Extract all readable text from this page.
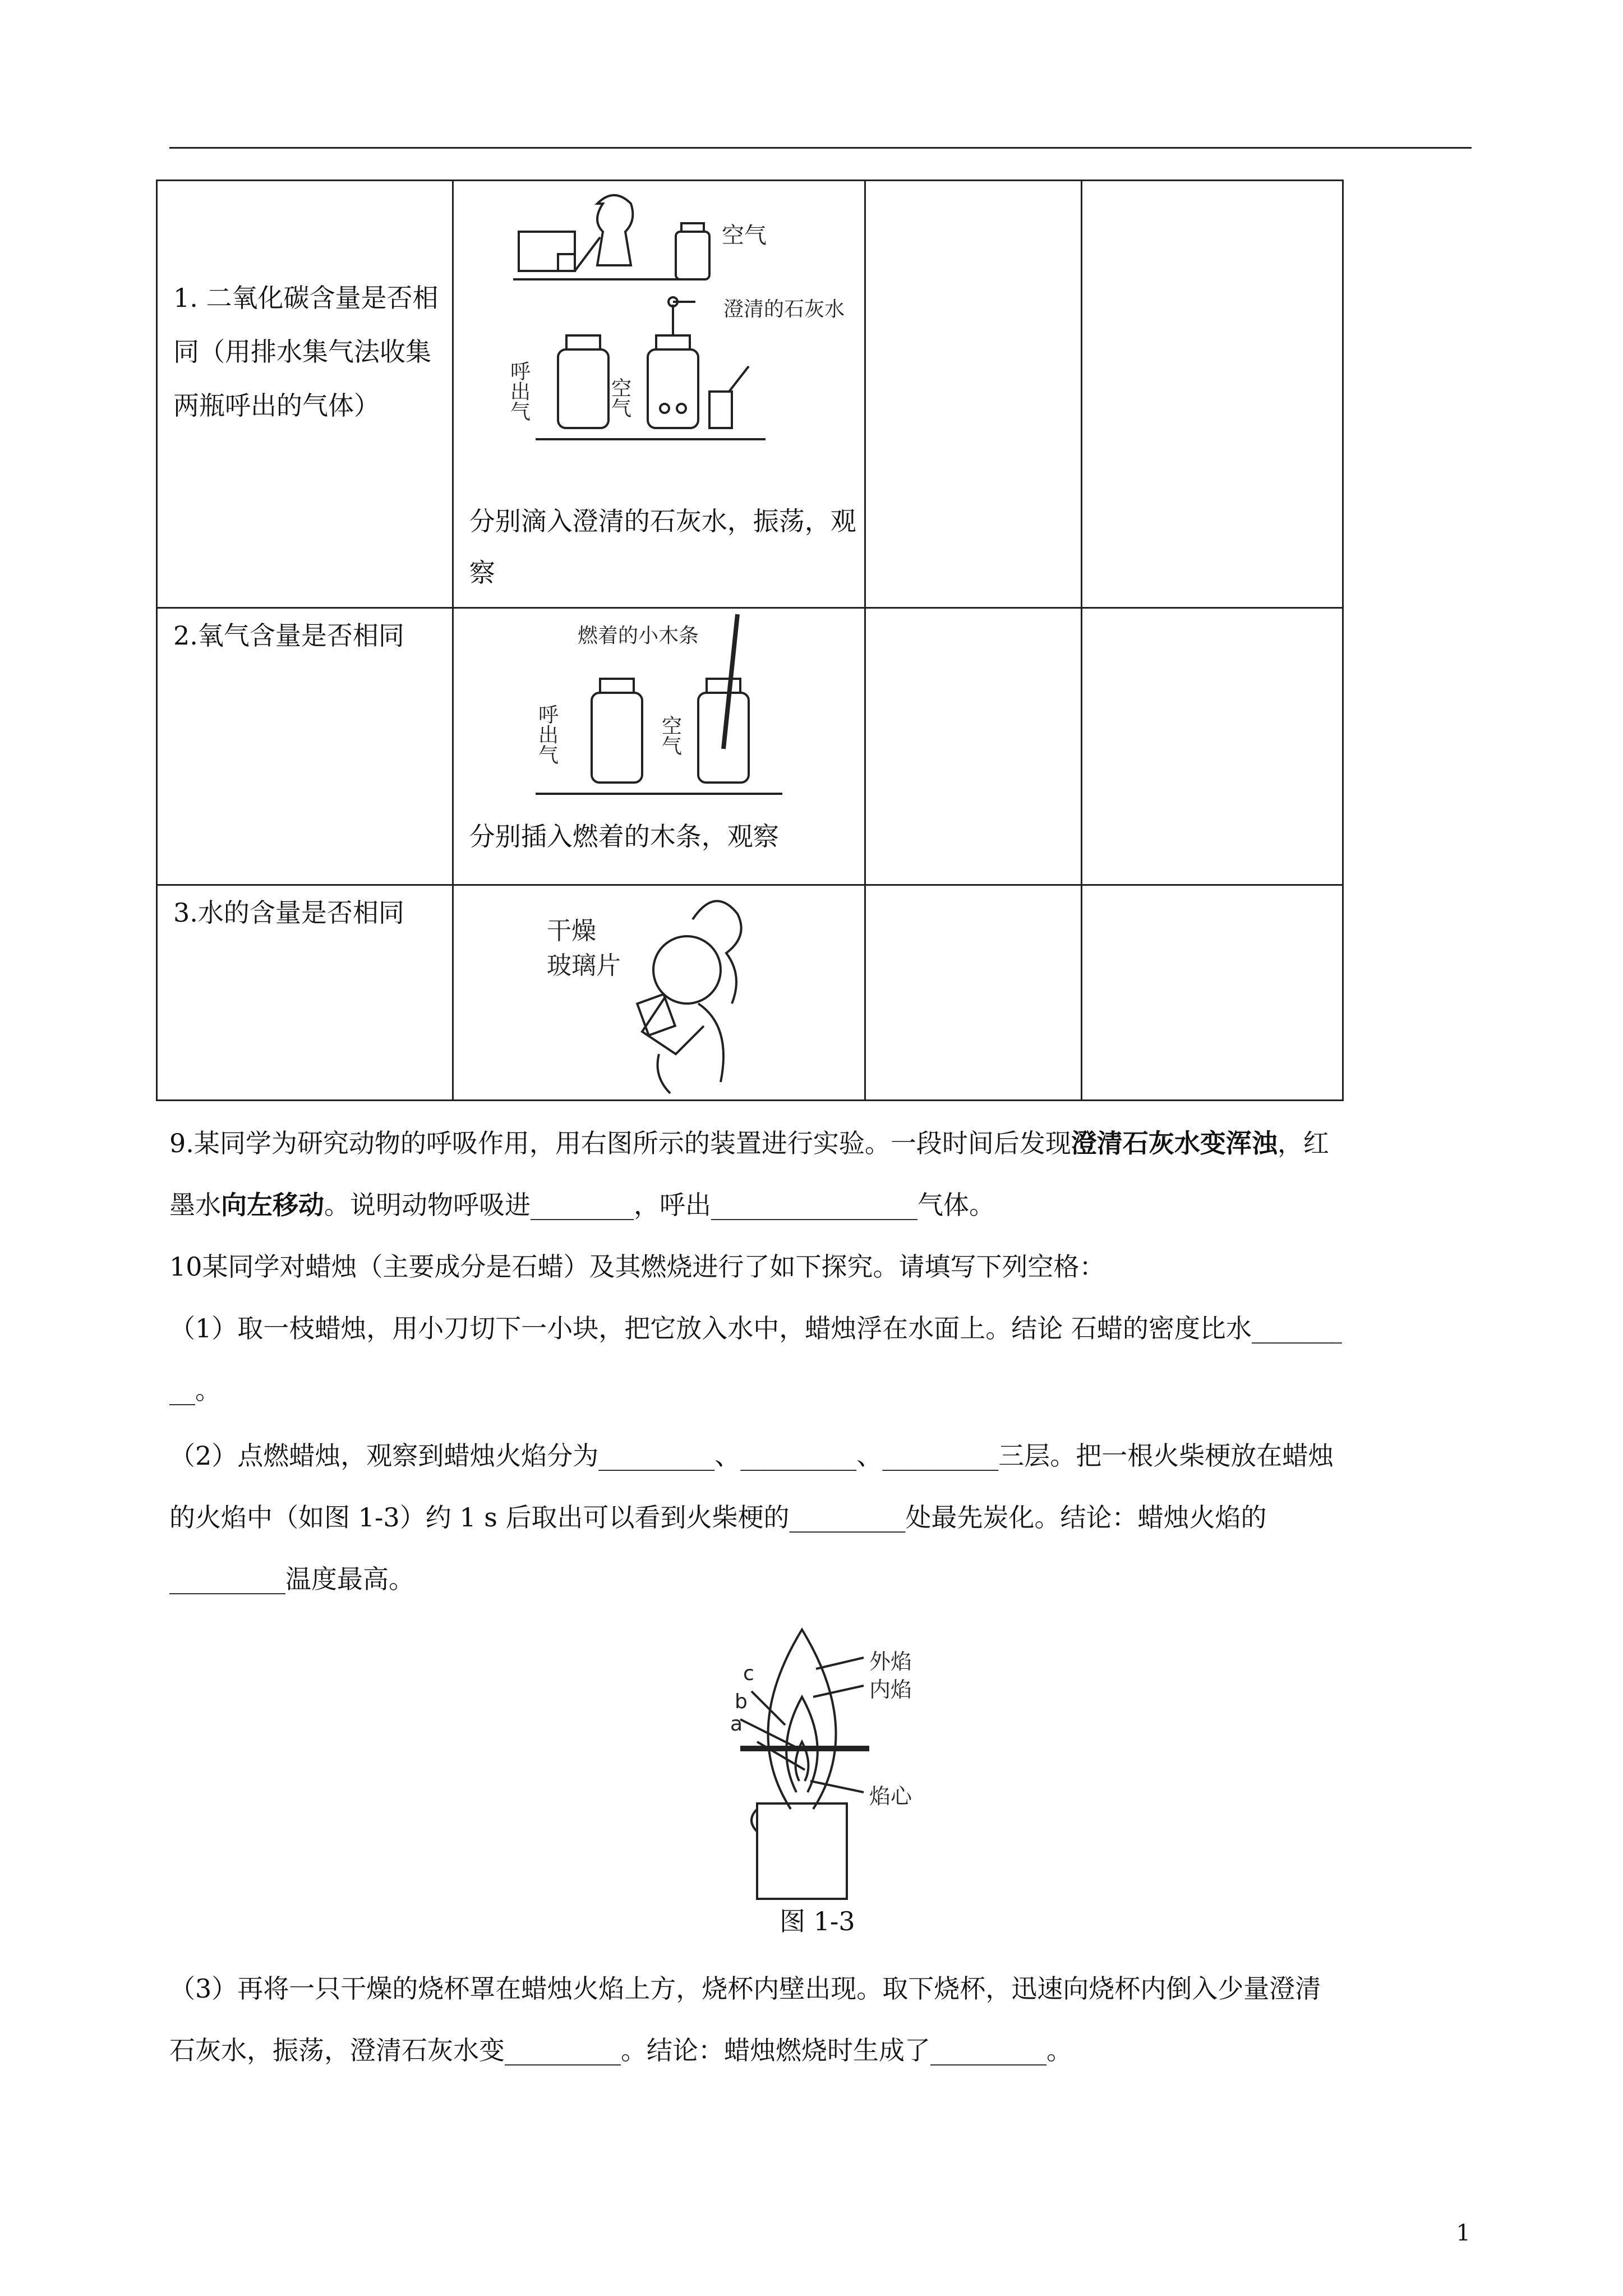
1. 二氧化碳含量是否相同（用排水集气法收集两瓶呼出的气体）	空气
澄清的石灰水
呼出气 空气
分别滴入澄清的石灰水，振荡，观察		

2.氧气含量是否相同	燃着的小木条
呼出气 空气
分别插入燃着的木条，观察		

3.水的含量是否相同	干燥 玻璃片		

9.某同学为研究动物的呼吸作用，用右图所示的装置进行实验。一段时间后发现澄清石灰水变浑浊，红
墨水向左移动。说明动物呼吸进________，呼出________________气体。
10某同学对蜡烛（主要成分是石蜡）及其燃烧进行了如下探究。请填写下列空格：
（1）取一枝蜡烛，用小刀切下一小块，把它放入水中，蜡烛浮在水面上。结论 石蜡的密度比水_______
__。
（2）点燃蜡烛，观察到蜡烛火焰分为_________、_________、_________三层。把一根火柴梗放在蜡烛
的火焰中（如图 1-3）约 1 s 后取出可以看到火柴梗的_________处最先炭化。结论：蜡烛火焰的
_________温度最高。
外焰
内焰
焰心
a
b
c
图 1-3
（3）再将一只干燥的烧杯罩在蜡烛火焰上方，烧杯内壁出现。取下烧杯，迅速向烧杯内倒入少量澄清
石灰水，振荡，澄清石灰水变_________。结论：蜡烛燃烧时生成了_________。
1
